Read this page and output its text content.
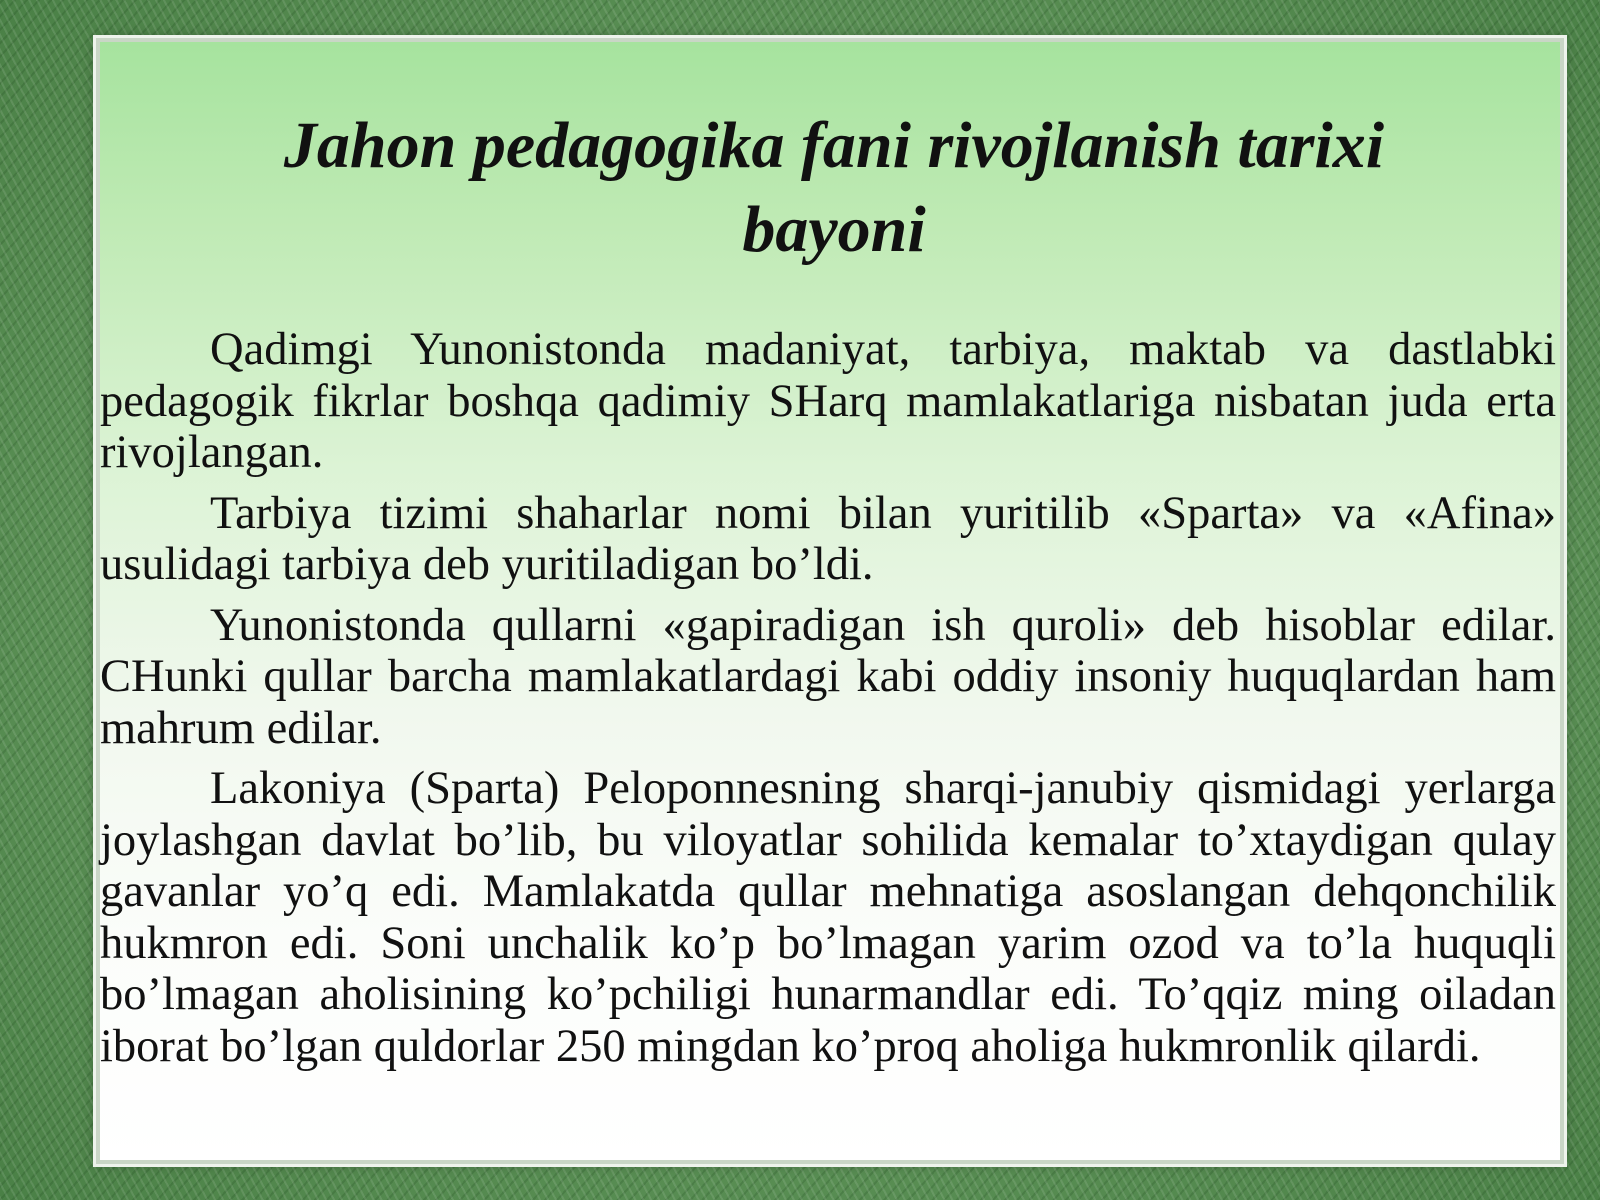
Jahon pedagogika fani rivojlanish tarixi
bayoni

Qadimgi Yunonistonda madaniyat, tarbiya, maktab va dastlabki pedagogik fikrlar boshqa qadimiy SHarq mamlakatlariga nisbatan juda erta rivojlangan.

Tarbiya tizimi shaharlar nomi bilan yuritilib «Sparta» va «Afina» usulidagi tarbiya deb yuritiladigan bo’ldi.

Yunonistonda qullarni «gapiradigan ish quroli» deb hisoblar edilar. CHunki qullar barcha mamlakatlardagi kabi oddiy insoniy huquqlardan ham mahrum edilar.

Lakoniya (Sparta) Peloponnesning sharqi-janubiy qismidagi yerlarga joylashgan davlat bo’lib, bu viloyatlar sohilida kemalar to’xtaydigan qulay gavanlar yo’q edi. Mamlakatda qullar mehnatiga asoslangan dehqonchilik hukmron edi. Soni unchalik ko’p bo’lmagan yarim ozod va to’la huquqli bo’lmagan aholisining ko’pchiligi hunarmandlar edi. To’qqiz ming oiladan iborat bo’lgan quldorlar 250 mingdan ko’proq aholiga hukmronlik qilardi.
